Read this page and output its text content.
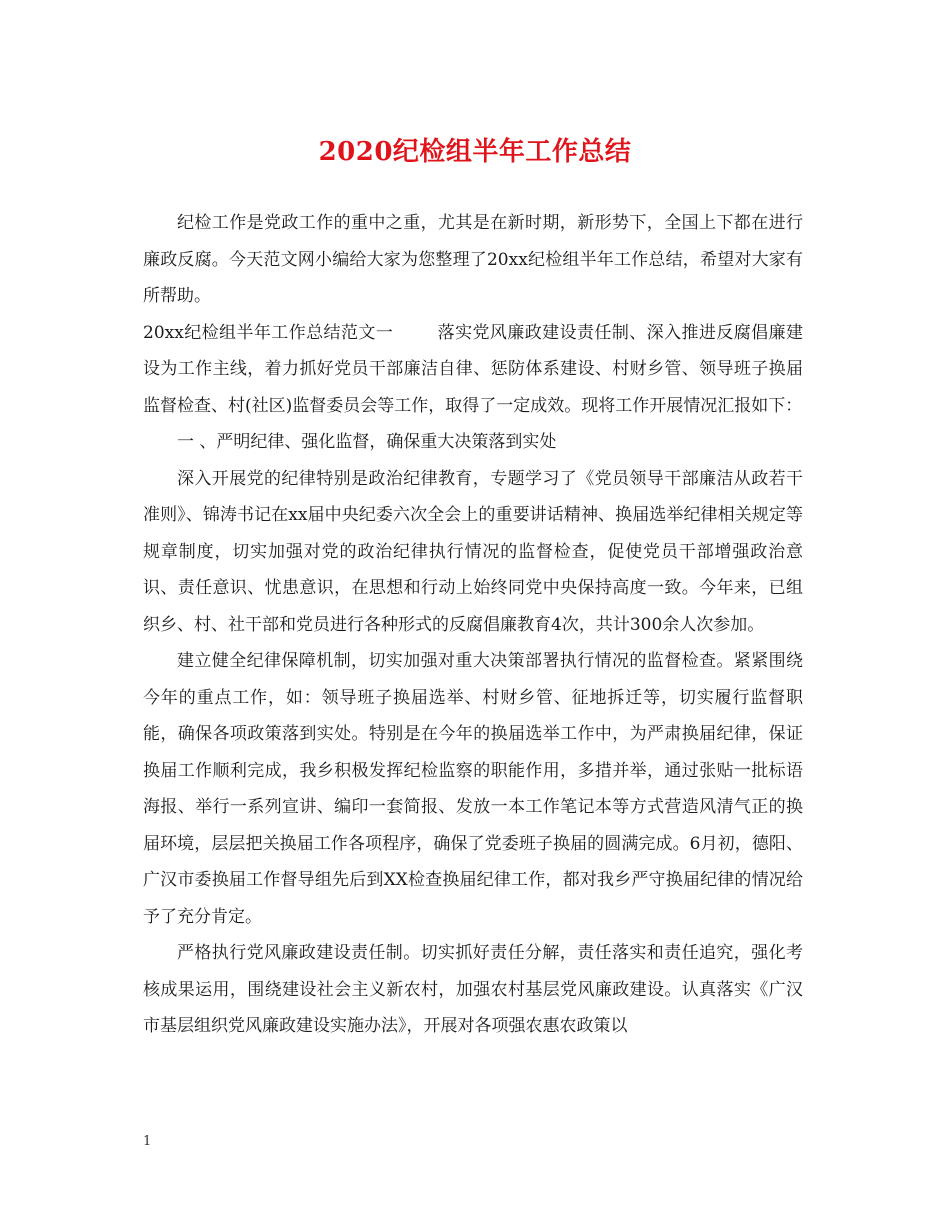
2020纪检组半年工作总结

纪检工作是党政工作的重中之重，尤其是在新时期，新形势下，全国上下都在进行廉政反腐。今天范文网小编给大家为您整理了20xx纪检组半年工作总结，希望对大家有所帮助。

20xx纪检组半年工作总结范文一	落实党风廉政建设责任制、深入推进反腐倡廉建设为工作主线，着力抓好党员干部廉洁自律、惩防体系建设、村财乡管、领导班子换届监督检查、村(社区)监督委员会等工作，取得了一定成效。现将工作开展情况汇报如下：

一 、严明纪律、强化监督，确保重大决策落到实处

深入开展党的纪律特别是政治纪律教育，专题学习了《党员领导干部廉洁从政若干准则》、锦涛书记在xx届中央纪委六次全会上的重要讲话精神、换届选举纪律相关规定等规章制度，切实加强对党的政治纪律执行情况的监督检查，促使党员干部增强政治意识、责任意识、忧患意识，在思想和行动上始终同党中央保持高度一致。今年来，已组织乡、村、社干部和党员进行各种形式的反腐倡廉教育4次，共计300余人次参加。

建立健全纪律保障机制，切实加强对重大决策部署执行情况的监督检查。紧紧围绕今年的重点工作，如：领导班子换届选举、村财乡管、征地拆迁等，切实履行监督职能，确保各项政策落到实处。特别是在今年的换届选举工作中，为严肃换届纪律，保证换届工作顺利完成，我乡积极发挥纪检监察的职能作用，多措并举，通过张贴一批标语海报、举行一系列宣讲、编印一套简报、发放一本工作笔记本等方式营造风清气正的换届环境，层层把关换届工作各项程序，确保了党委班子换届的圆满完成。6月初，德阳、广汉市委换届工作督导组先后到XX检查换届纪律工作，都对我乡严守换届纪律的情况给予了充分肯定。

严格执行党风廉政建设责任制。切实抓好责任分解，责任落实和责任追究，强化考核成果运用，围绕建设社会主义新农村，加强农村基层党风廉政建设。认真落实《广汉市基层组织党风廉政建设实施办法》，开展对各项强农惠农政策以

1
